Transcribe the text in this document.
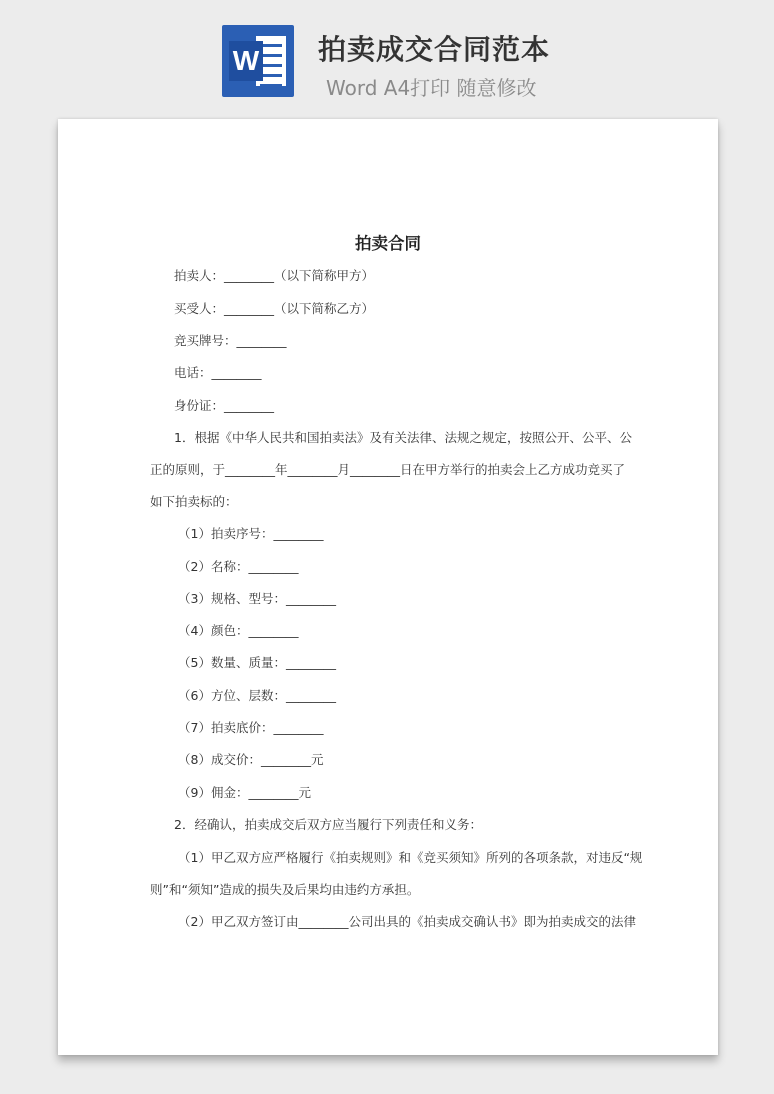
W 拍卖成交合同范本
Word A4打印 随意修改
拍卖合同
拍卖人：________（以下简称甲方）
买受人：________（以下简称乙方）
竞买牌号：________
电话：________
身份证：________
1．根据《中华人民共和国拍卖法》及有关法律、法规之规定，按照公开、公平、公
正的原则，于________年________月________日在甲方举行的拍卖会上乙方成功竞买了
如下拍卖标的：
（1）拍卖序号：________
（2）名称：________
（3）规格、型号：________
（4）颜色：________
（5）数量、质量：________
（6）方位、层数：________
（7）拍卖底价：________
（8）成交价：________元
（9）佣金：________元
2．经确认，拍卖成交后双方应当履行下列责任和义务：
（1）甲乙双方应严格履行《拍卖规则》和《竞买须知》所列的各项条款，对违反“规
则”和“须知”造成的损失及后果均由违约方承担。
（2）甲乙双方签订由________公司出具的《拍卖成交确认书》即为拍卖成交的法律
